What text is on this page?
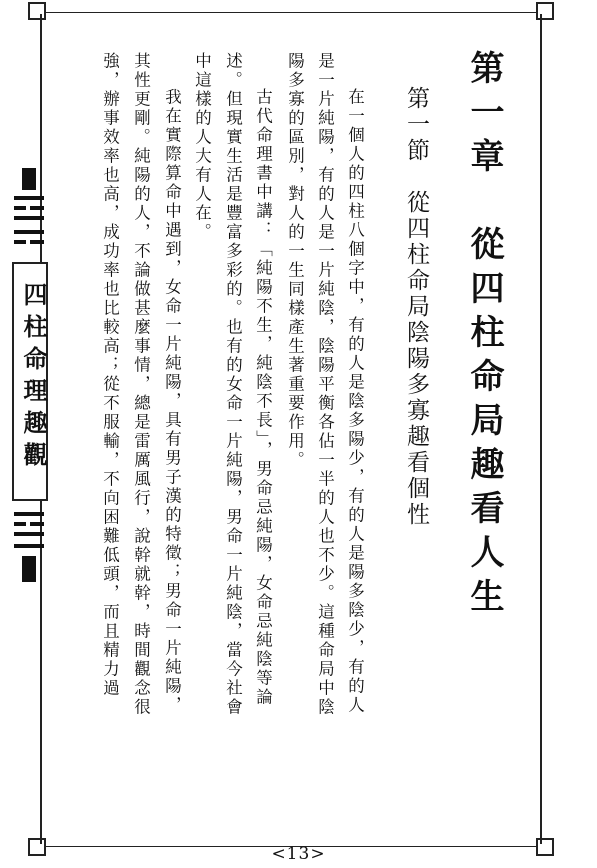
四柱命理趣觀	第一章　從四柱命局趣看人生
第一節　從四柱命局陰陽多寡趣看個性
在一個人的四柱八個字中，有的人是陰多陽少，有的人是陽多陰少，有的人
是一片純陽，有的人是一片純陰，陰陽平衡各佔一半的人也不少。這種命局中陰
陽多寡的區別，對人的一生同樣產生著重要作用。
古代命理書中講：「純陽不生，純陰不長」，男命忌純陽，女命忌純陰等論
述。但現實生活是豐富多彩的。也有的女命一片純陽，男命一片純陰，當今社會
中這樣的人大有人在。
我在實際算命中遇到，女命一片純陽，具有男子漢的特徵；男命一片純陽，
其性更剛。純陽的人，不論做甚麼事情，總是雷厲風行，說幹就幹，時間觀念很
強，辦事效率也高，成功率也比較高；從不服輸，不向困難低頭，而且精力過
<13>
